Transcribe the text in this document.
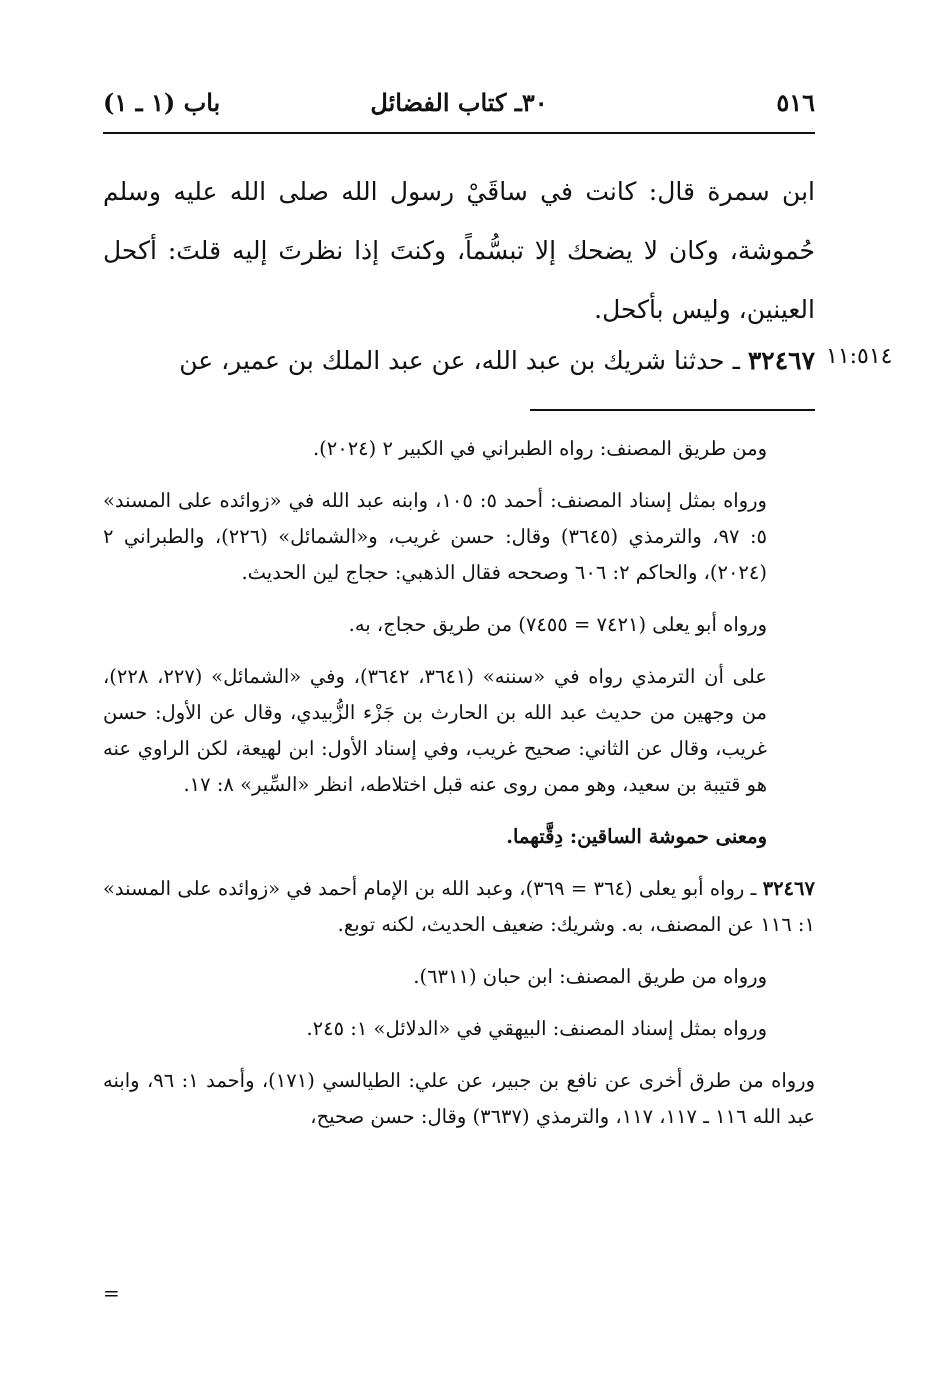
٥١٦
٣٠ـ كتاب الفضائل
باب (١ ـ ١)

ابن سمرة قال: كانت في ساقَيْ رسول الله صلى الله عليه وسلم حُموشة، وكان لا يضحك إلا تبسُّماً، وكنتَ إذا نظرتَ إليه قلتَ: أكحل العينين، وليس بأكحل.

٣٢٤٦٧ ـ حدثنا شريك بن عبد الله، عن عبد الملك بن عمير، عن	١١:٥١٤

ومن طريق المصنف: رواه الطبراني في الكبير ٢ (٢٠٢٤).

ورواه بمثل إسناد المصنف: أحمد ٥: ١٠٥، وابنه عبد الله في «زوائده على المسند» ٥: ٩٧، والترمذي (٣٦٤٥) وقال: حسن غريب، و«الشمائل» (٢٢٦)، والطبراني ٢ (٢٠٢٤)، والحاكم ٢: ٦٠٦ وصححه فقال الذهبي: حجاج لين الحديث.

ورواه أبو يعلى (٧٤٢١ = ٧٤٥٥) من طريق حجاج، به.

على أن الترمذي رواه في «سننه» (٣٦٤١، ٣٦٤٢)، وفي «الشمائل» (٢٢٧، ٢٢٨)، من وجهين من حديث عبد الله بن الحارث بن جَزْء الزُّبيدي، وقال عن الأول: حسن غريب، وقال عن الثاني: صحيح غريب، وفي إسناد الأول: ابن لهيعة، لكن الراوي عنه هو قتيبة بن سعيد، وهو ممن روى عنه قبل اختلاطه، انظر «السِّير» ٨: ١٧.

ومعنى حموشة الساقين: دِقَّتهما.

٣٢٤٦٧ ـ رواه أبو يعلى (٣٦٤ = ٣٦٩)، وعبد الله بن الإمام أحمد في «زوائده على المسند» ١: ١١٦ عن المصنف، به. وشريك: ضعيف الحديث، لكنه توبع.

ورواه من طريق المصنف: ابن حبان (٦٣١١).

ورواه بمثل إسناد المصنف: البيهقي في «الدلائل» ١: ٢٤٥.

ورواه من طرق أخرى عن نافع بن جبير، عن علي: الطيالسي (١٧١)، وأحمد ١: ٩٦، وابنه عبد الله ١١٦ ـ ١١٧، ١١٧، والترمذي (٣٦٣٧) وقال: حسن صحيح،

=
